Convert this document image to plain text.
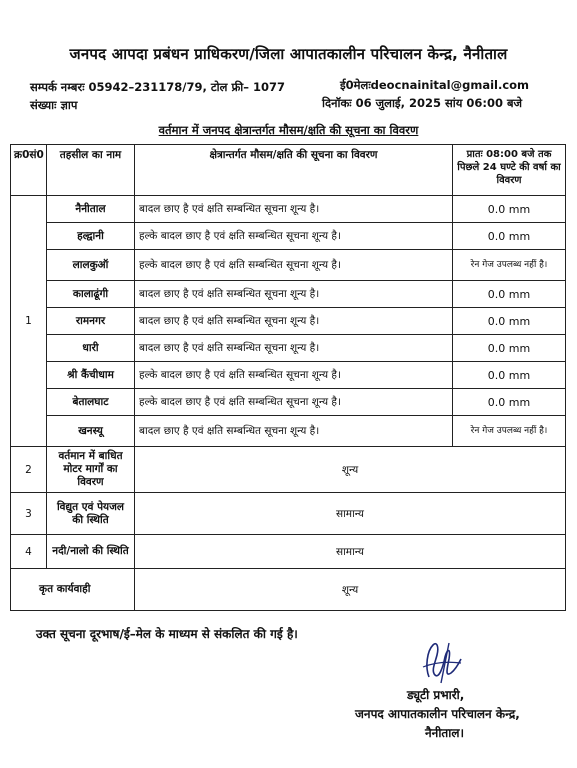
जनपद आपदा प्रबंधन प्राधिकरण/जिला आपातकालीन परिचालन केन्द्र, नैनीताल
सम्पर्क नम्बरः 05942–231178/79, टोल फ्री– 1077	ई0मेलःdeocnainital@gmail.com
संख्याः ज्ञाप	दिनॉकः 06 जुलाई, 2025 सांय 06:00 बजे
वर्तमान में जनपद क्षेत्रान्तर्गत मौसम/क्षति की सूचना का विवरण
क्र0सं0	तहसील का नाम	क्षेत्रान्तर्गत मौसम/क्षति की सूचना का विवरण	प्रातः 08:00 बजे तक पिछले 24 घण्टे की वर्षा का विवरण
1	नैनीताल	बादल छाए है एवं क्षति सम्बन्धित सूचना शून्य है।	0.0 mm
	हल्द्वानी	हल्के बादल छाए है एवं क्षति सम्बन्धित सूचना शून्य है।	0.0 mm
	लालकुऑ	हल्के बादल छाए है एवं क्षति सम्बन्धित सूचना शून्य है।	रेन गेज उपलब्ध नहीं है।
	कालाढूंगी	बादल छाए है एवं क्षति सम्बन्धित सूचना शून्य है।	0.0 mm
	रामनगर	बादल छाए है एवं क्षति सम्बन्धित सूचना शून्य है।	0.0 mm
	धारी	बादल छाए है एवं क्षति सम्बन्धित सूचना शून्य है।	0.0 mm
	श्री कैंचीधाम	हल्के बादल छाए है एवं क्षति सम्बन्धित सूचना शून्य है।	0.0 mm
	बेतालघाट	हल्के बादल छाए है एवं क्षति सम्बन्धित सूचना शून्य है।	0.0 mm
	खनस्यू	बादल छाए है एवं क्षति सम्बन्धित सूचना शून्य है।	रेन गेज उपलब्ध नहीं है।
2	वर्तमान में बाधित मोटर मार्गों का विवरण	शून्य	
3	विद्युत एवं पेयजल की स्थिति	सामान्य	
4	नदी/नालो की स्थिति	सामान्य	
कृत कार्यवाही		शून्य	
उक्त सूचना दूरभाष/ई–मेल के माध्यम से संकलित की गई है।
ड्यूटी प्रभारी,
जनपद आपातकालीन परिचालन केन्द्र,
नैनीताल।
